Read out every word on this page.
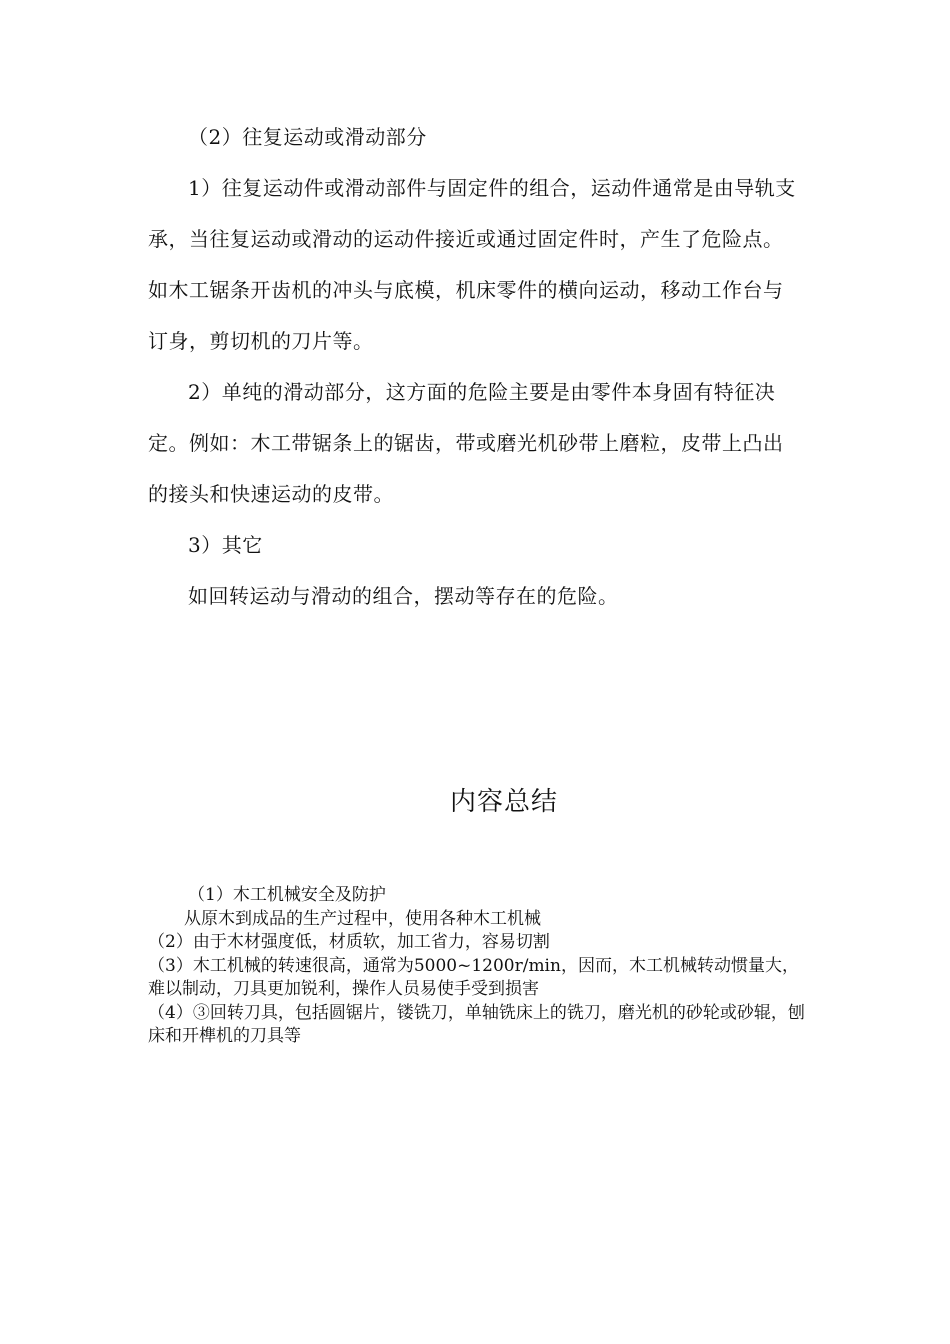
（2）往复运动或滑动部分

1）往复运动件或滑动部件与固定件的组合，运动件通常是由导轨支承，当往复运动或滑动的运动件接近或通过固定件时，产生了危险点。如木工锯条开齿机的冲头与底模，机床零件的横向运动，移动工作台与订身，剪切机的刀片等。

2）单纯的滑动部分，这方面的危险主要是由零件本身固有特征决定。例如：木工带锯条上的锯齿，带或磨光机砂带上磨粒，皮带上凸出的接头和快速运动的皮带。

3）其它

如回转运动与滑动的组合，摆动等存在的危险。

内容总结

（1）木工机械安全及防护

从原木到成品的生产过程中，使用各种木工机械

（2）由于木材强度低，材质软，加工省力，容易切割

（3）木工机械的转速很高，通常为5000~1200r/min，因而，木工机械转动惯量大，难以制动，刀具更加锐利，操作人员易使手受到损害

（4）③回转刀具，包括圆锯片，镂铣刀，单轴铣床上的铣刀，磨光机的砂轮或砂辊，刨床和开榫机的刀具等
